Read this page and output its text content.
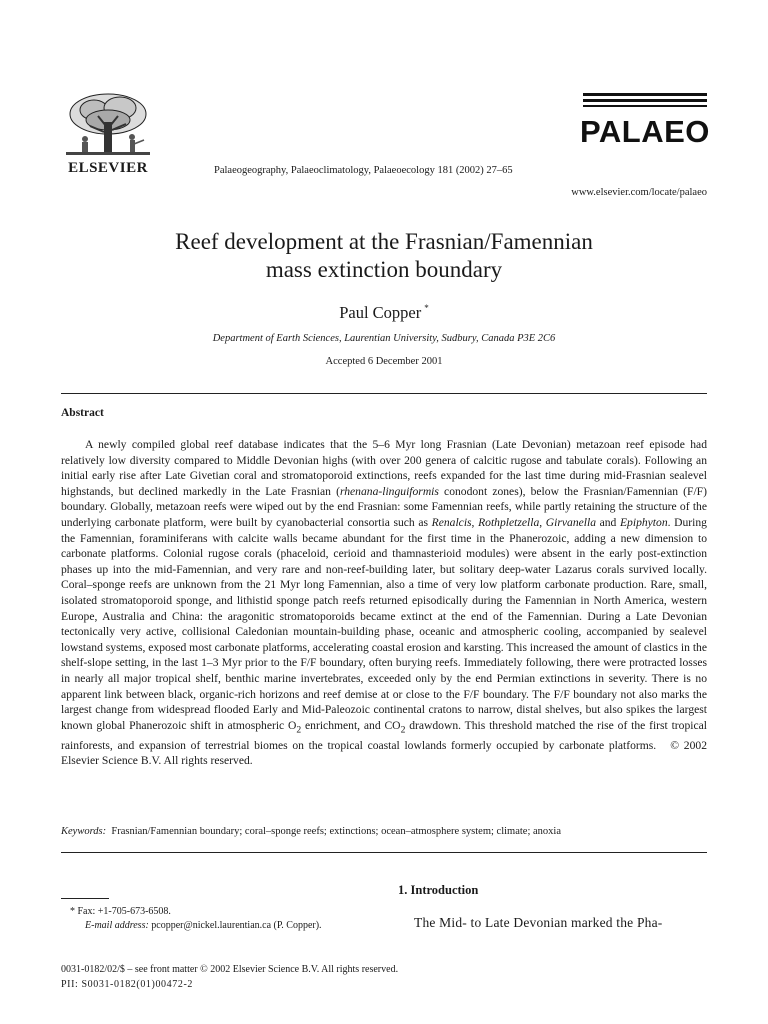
ELSEVIER	Palaeogeography, Palaeoclimatology, Palaeoecology 181 (2002) 27–65
PALAEO
www.elsevier.com/locate/palaeo
Reef development at the Frasnian/Famennian
mass extinction boundary
Paul Copper *
Department of Earth Sciences, Laurentian University, Sudbury, Canada P3E 2C6
Accepted 6 December 2001
Abstract
A newly compiled global reef database indicates that the 5–6 Myr long Frasnian (Late Devonian) metazoan reef episode had relatively low diversity compared to Middle Devonian highs (with over 200 genera of calcitic rugose and tabulate corals). Following an initial early rise after Late Givetian coral and stromatoporoid extinctions, reefs expanded for the last time during mid-Frasnian sealevel highstands, but declined markedly in the Late Frasnian (rhenana-linguiformis conodont zones), below the Frasnian/Famennian (F/F) boundary. Globally, metazoan reefs were wiped out by the end Frasnian: some Famennian reefs, while partly retaining the structure of the underlying carbonate platform, were built by cyanobacterial consortia such as Renalcis, Rothpletzella, Girvanella and Epiphyton. During the Famennian, foraminiferans with calcite walls became abundant for the first time in the Phanerozoic, adding a new dimension to carbonate platforms. Colonial rugose corals (phaceloid, cerioid and thamnasterioid modules) were absent in the early post-extinction phases up into the mid-Famennian, and very rare and non-reef-building later, but solitary deep-water Lazarus corals survived locally. Coral–sponge reefs are unknown from the 21 Myr long Famennian, also a time of very low platform carbonate production. Rare, small, isolated stromatoporoid sponge, and lithistid sponge patch reefs returned episodically during the Famennian in North America, western Europe, Australia and China: the aragonitic stromatoporoids became extinct at the end of the Famennian. During a Late Devonian tectonically very active, collisional Caledonian mountain-building phase, oceanic and atmospheric cooling, accompanied by sealevel lowstand systems, exposed most carbonate platforms, accelerating coastal erosion and karsting. This increased the amount of clastics in the shelf-slope setting, in the last 1–3 Myr prior to the F/F boundary, often burying reefs. Immediately following, there were protracted losses in nearly all major tropical shelf, benthic marine invertebrates, exceeded only by the end Permian extinctions in severity. There is no apparent link between black, organic-rich horizons and reef demise at or close to the F/F boundary. The F/F boundary not also marks the largest change from widespread flooded Early and Mid-Paleozoic continental cratons to narrow, distal shelves, but also spikes the largest known global Phanerozoic shift in atmospheric $O_2$ enrichment, and $CO_2$ drawdown. This threshold matched the rise of the first tropical rainforests, and expansion of terrestrial biomes on the tropical coastal lowlands formerly occupied by carbonate platforms. © 2002 Elsevier Science B.V. All rights reserved.
Keywords: Frasnian/Famennian boundary; coral–sponge reefs; extinctions; ocean–atmosphere system; climate; anoxia
1. Introduction
The Mid- to Late Devonian marked the Pha-
* Fax: +1-705-673-6508.
E-mail address: pcopper@nickel.laurentian.ca (P. Copper).
0031-0182/02/$ – see front matter © 2002 Elsevier Science B.V. All rights reserved.
PII: S0031-0182(01)00472-2
